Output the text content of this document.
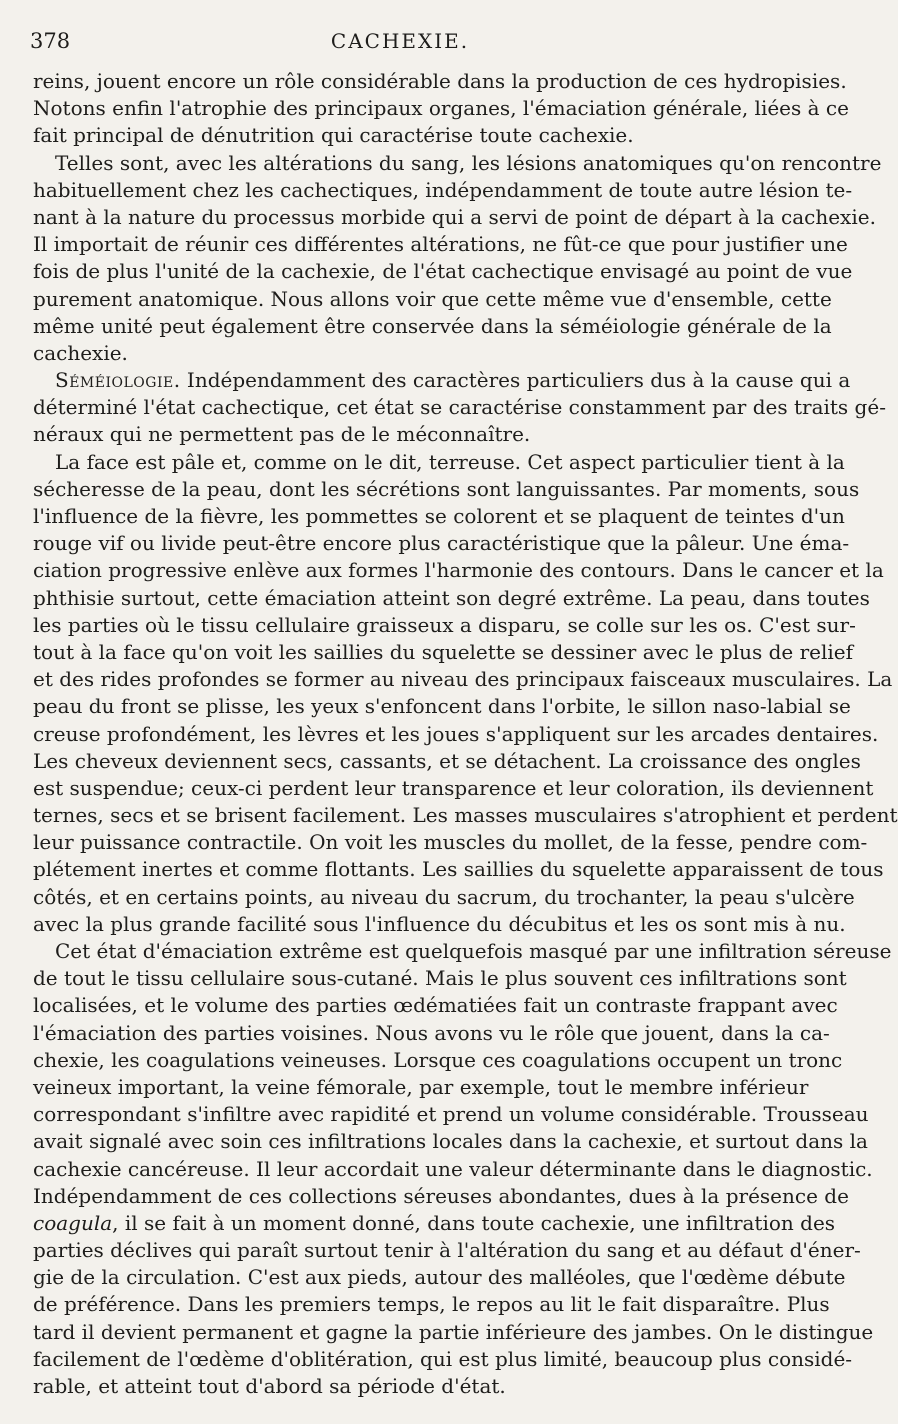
378	CACHEXIE.
reins, jouent encore un rôle considérable dans la production de ces hydropisies.
Notons enfin l'atrophie des principaux organes, l'émaciation générale, liées à ce
fait principal de dénutrition qui caractérise toute cachexie.
Telles sont, avec les altérations du sang, les lésions anatomiques qu'on rencontre
habituellement chez les cachectiques, indépendamment de toute autre lésion te-
nant à la nature du processus morbide qui a servi de point de départ à la cachexie.
Il importait de réunir ces différentes altérations, ne fût-ce que pour justifier une
fois de plus l'unité de la cachexie, de l'état cachectique envisagé au point de vue
purement anatomique. Nous allons voir que cette même vue d'ensemble, cette
même unité peut également être conservée dans la séméiologie générale de la
cachexie.
Séméiologie. Indépendamment des caractères particuliers dus à la cause qui a
déterminé l'état cachectique, cet état se caractérise constamment par des traits gé-
néraux qui ne permettent pas de le méconnaître.
La face est pâle et, comme on le dit, terreuse. Cet aspect particulier tient à la
sécheresse de la peau, dont les sécrétions sont languissantes. Par moments, sous
l'influence de la fièvre, les pommettes se colorent et se plaquent de teintes d'un
rouge vif ou livide peut-être encore plus caractéristique que la pâleur. Une éma-
ciation progressive enlève aux formes l'harmonie des contours. Dans le cancer et la
phthisie surtout, cette émaciation atteint son degré extrême. La peau, dans toutes
les parties où le tissu cellulaire graisseux a disparu, se colle sur les os. C'est sur-
tout à la face qu'on voit les saillies du squelette se dessiner avec le plus de relief
et des rides profondes se former au niveau des principaux faisceaux musculaires. La
peau du front se plisse, les yeux s'enfoncent dans l'orbite, le sillon naso-labial se
creuse profondément, les lèvres et les joues s'appliquent sur les arcades dentaires.
Les cheveux deviennent secs, cassants, et se détachent. La croissance des ongles
est suspendue; ceux-ci perdent leur transparence et leur coloration, ils deviennent
ternes, secs et se brisent facilement. Les masses musculaires s'atrophient et perdent
leur puissance contractile. On voit les muscles du mollet, de la fesse, pendre com-
plétement inertes et comme flottants. Les saillies du squelette apparaissent de tous
côtés, et en certains points, au niveau du sacrum, du trochanter, la peau s'ulcère
avec la plus grande facilité sous l'influence du décubitus et les os sont mis à nu.
Cet état d'émaciation extrême est quelquefois masqué par une infiltration séreuse
de tout le tissu cellulaire sous-cutané. Mais le plus souvent ces infiltrations sont
localisées, et le volume des parties œdématiées fait un contraste frappant avec
l'émaciation des parties voisines. Nous avons vu le rôle que jouent, dans la ca-
chexie, les coagulations veineuses. Lorsque ces coagulations occupent un tronc
veineux important, la veine fémorale, par exemple, tout le membre inférieur
correspondant s'infiltre avec rapidité et prend un volume considérable. Trousseau
avait signalé avec soin ces infiltrations locales dans la cachexie, et surtout dans la
cachexie cancéreuse. Il leur accordait une valeur déterminante dans le diagnostic.
Indépendamment de ces collections séreuses abondantes, dues à la présence de
coagula, il se fait à un moment donné, dans toute cachexie, une infiltration des
parties déclives qui paraît surtout tenir à l'altération du sang et au défaut d'éner-
gie de la circulation. C'est aux pieds, autour des malléoles, que l'œdème débute
de préférence. Dans les premiers temps, le repos au lit le fait disparaître. Plus
tard il devient permanent et gagne la partie inférieure des jambes. On le distingue
facilement de l'œdème d'oblitération, qui est plus limité, beaucoup plus considé-
rable, et atteint tout d'abord sa période d'état.
